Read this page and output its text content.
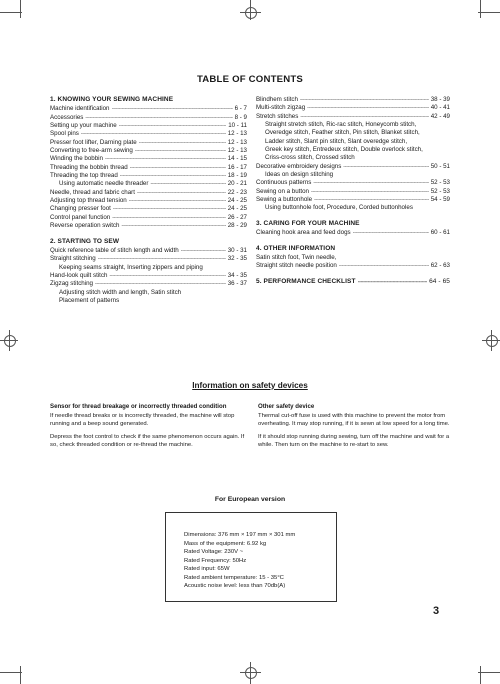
TABLE OF CONTENTS
1. KNOWING YOUR SEWING MACHINE
Machine identification - - -	6 - 7
Accessories - - -	8 - 9
Setting up your machine - - -	10 - 11
Spool pins - - -	12 - 13
Presser foot lifter, Darning plate - - -	12 - 13
Converting to free-arm sewing - - -	12 - 13
Winding the bobbin - - -	14 - 15
Threading the bobbin thread - - -	16 - 17
Threading the top thread - - -	18 - 19
Using automatic needle threader - - -	20 - 21
Needle, thread and fabric chart - - -	22 - 23
Adjusting top thread tension - - -	24 - 25
Changing presser foot - - -	24 - 25
Control panel function - - -	26 - 27
Reverse operation switch - - -	28 - 29
2. STARTING TO SEW
Quick reference table of stitch length and width - - -	30 - 31
Straight stitching - - -	32 - 35
Keeping seams straight, Inserting zippers and piping
Hand-look quilt stitch - - -	34 - 35
Zigzag stitching - - -	36 - 37
Adjusting stitch width and length, Satin stitch
Placement of patterns
Blindhem stitch - - -	38 - 39
Multi-stitch zigzag - - -	40 - 41
Stretch stitches - - -	42 - 49
Straight stretch stitch, Ric-rac stitch, Honeycomb stitch,
Overedge stitch, Feather stitch, Pin stitch, Blanket stitch,
Ladder stitch, Slant pin stitch, Slant overedge stitch,
Greek key stitch, Entredeux stitch, Double overlock stitch,
Criss-cross stitch, Crossed stitch
Decorative embroidery designs - - -	50 - 51
Ideas on design stitching
Continuous patterns - - -	52 - 53
Sewing on a button - - -	52 - 53
Sewing a buttonhole - - -	54 - 59
Using buttonhole foot, Procedure, Corded buttonholes
3. CARING FOR YOUR MACHINE
Cleaning hook area and feed dogs - - -	60 - 61
4. OTHER INFORMATION
Satin stitch foot, Twin needle,
Straight stitch needle position - - -	62 - 63
5. PERFORMANCE CHECKLIST - - -	64 - 65
Information on safety devices
Sensor for thread breakage or incorrectly threaded condition

If needle thread breaks or is incorrectly threaded, the machine will stop running and a beep sound generated.

Depress the foot control to check if the same phenomenon occurs again. If so, check threaded condition or re-thread the machine.

Other safety device

Thermal cut-off fuse is used with this machine to prevent the motor from overheating. It may stop running, if it is sewn at low speed for a long time.

If it should stop running during sewing, turn off the machine and wait for a while. Then turn on the machine to re-start to sew.

For European version
Dimensions: 376 mm × 197 mm × 301 mm
Mass of the equipment: 6.92 kg
Rated Voltage: 230V ~
Rated Frequency: 50Hz
Rated input: 65W
Rated ambient temperature: 15 - 35°C
Acoustic noise level: less than 70db(A)
3
